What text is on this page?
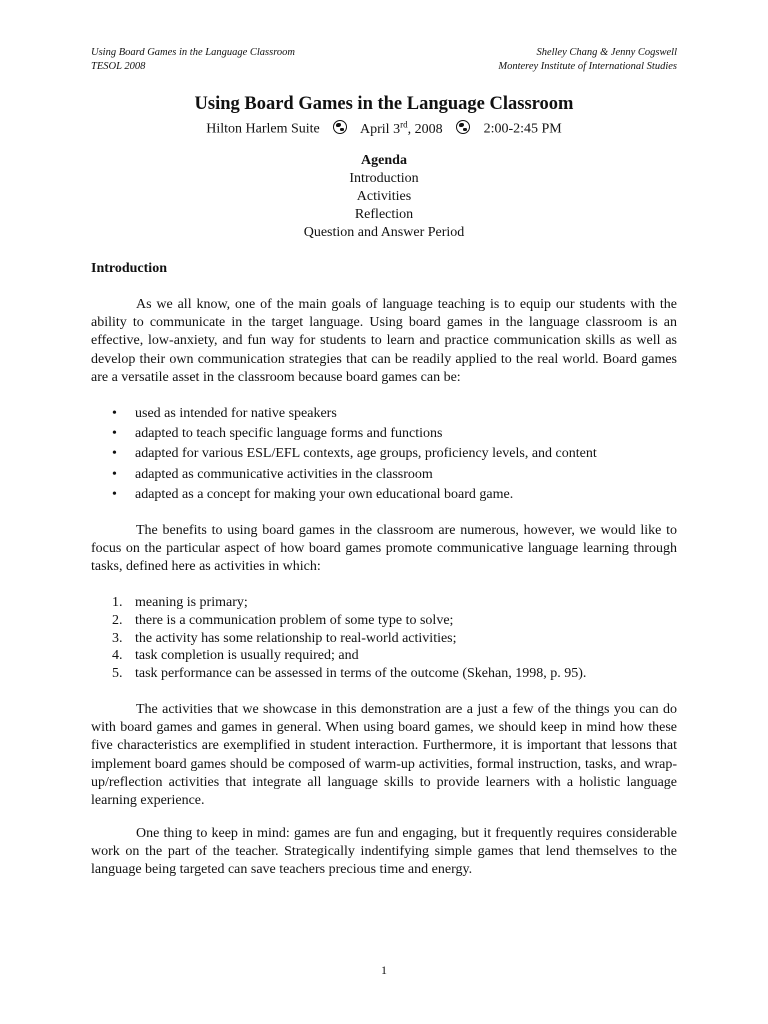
Using Board Games in the Language Classroom
TESOL 2008
Shelley Chang & Jenny Cogswell
Monterey Institute of International Studies
Using Board Games in the Language Classroom
Hilton Harlem Suite	April 3rd, 2008	2:00-2:45 PM
Agenda
Introduction
Activities
Reflection
Question and Answer Period
Introduction

As we all know, one of the main goals of language teaching is to equip our students with the ability to communicate in the target language. Using board games in the language classroom is an effective, low-anxiety, and fun way for students to learn and practice communication skills as well as develop their own communication strategies that can be readily applied to the real world. Board games are a versatile asset in the classroom because board games can be:

• used as intended for native speakers
• adapted to teach specific language forms and functions
• adapted for various ESL/EFL contexts, age groups, proficiency levels, and content
• adapted as communicative activities in the classroom
• adapted as a concept for making your own educational board game.

The benefits to using board games in the classroom are numerous, however, we would like to focus on the particular aspect of how board games promote communicative language learning through tasks, defined here as activities in which:

1. meaning is primary;
2. there is a communication problem of some type to solve;
3. the activity has some relationship to real-world activities;
4. task completion is usually required; and
5. task performance can be assessed in terms of the outcome (Skehan, 1998, p. 95).

The activities that we showcase in this demonstration are a just a few of the things you can do with board games and games in general. When using board games, we should keep in mind how these five characteristics are exemplified in student interaction. Furthermore, it is important that lessons that implement board games should be composed of warm-up activities, formal instruction, tasks, and wrap-up/reflection activities that integrate all language skills to provide learners with a holistic language learning experience.

One thing to keep in mind: games are fun and engaging, but it frequently requires considerable work on the part of the teacher. Strategically indentifying simple games that lend themselves to the language being targeted can save teachers precious time and energy.

1
